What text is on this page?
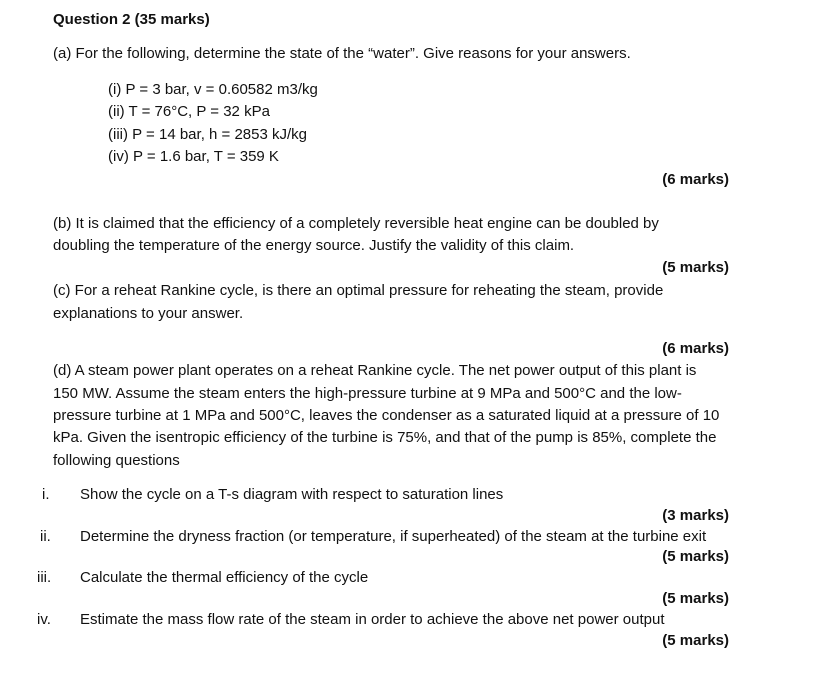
Question 2 (35 marks)
(a) For the following, determine the state of the “water”. Give reasons for your answers.
(i) P = 3 bar, v = 0.60582 m3/kg
(ii) T = 76°C, P = 32 kPa
(iii) P = 14 bar, h = 2853 kJ/kg
(iv) P = 1.6 bar, T = 359 K
(6 marks)
(b) It is claimed that the efficiency of a completely reversible heat engine can be doubled by
doubling the temperature of the energy source. Justify the validity of this claim.
(5 marks)
(c) For a reheat Rankine cycle, is there an optimal pressure for reheating the steam, provide
explanations to your answer.
(6 marks)
(d) A steam power plant operates on a reheat Rankine cycle. The net power output of this plant is
150 MW. Assume the steam enters the high-pressure turbine at 9 MPa and 500°C and the low-
pressure turbine at 1 MPa and 500°C, leaves the condenser as a saturated liquid at a pressure of 10
kPa. Given the isentropic efficiency of the turbine is 75%, and that of the pump is 85%, complete the
following questions
i. Show the cycle on a T-s diagram with respect to saturation lines
(3 marks)
ii. Determine the dryness fraction (or temperature, if superheated) of the steam at the turbine exit
(5 marks)
iii. Calculate the thermal efficiency of the cycle
(5 marks)
iv. Estimate the mass flow rate of the steam in order to achieve the above net power output
(5 marks)
